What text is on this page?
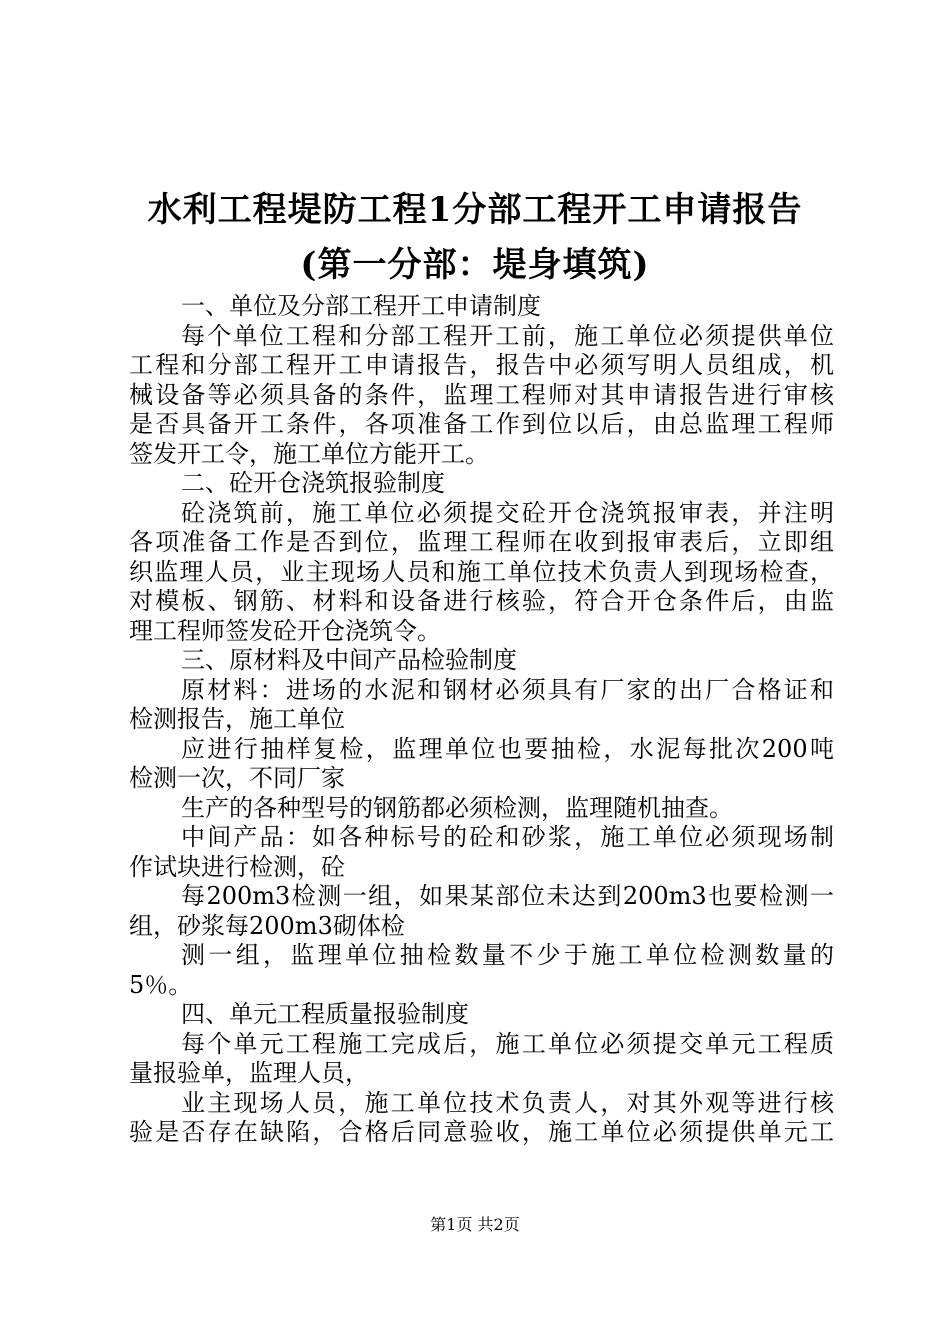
水利工程堤防工程1分部工程开工申请报告
(第一分部：堤身填筑)
一、单位及分部工程开工申请制度
每个单位工程和分部工程开工前，施工单位必须提供单位
工程和分部工程开工申请报告，报告中必须写明人员组成，机
械设备等必须具备的条件，监理工程师对其申请报告进行审核
是否具备开工条件，各项准备工作到位以后，由总监理工程师
签发开工令，施工单位方能开工。
二、砼开仓浇筑报验制度
砼浇筑前，施工单位必须提交砼开仓浇筑报审表，并注明
各项准备工作是否到位，监理工程师在收到报审表后，立即组
织监理人员，业主现场人员和施工单位技术负责人到现场检查，
对模板、钢筋、材料和设备进行核验，符合开仓条件后，由监
理工程师签发砼开仓浇筑令。
三、原材料及中间产品检验制度
原材料：进场的水泥和钢材必须具有厂家的出厂合格证和
检测报告，施工单位
应进行抽样复检，监理单位也要抽检，水泥每批次200吨
检测一次，不同厂家
生产的各种型号的钢筋都必须检测，监理随机抽查。
中间产品：如各种标号的砼和砂浆，施工单位必须现场制
作试块进行检测，砼
每200m3检测一组，如果某部位未达到200m3也要检测一
组，砂浆每200m3砌体检
测一组，监理单位抽检数量不少于施工单位检测数量的
5％。
四、单元工程质量报验制度
每个单元工程施工完成后，施工单位必须提交单元工程质
量报验单，监理人员，
业主现场人员，施工单位技术负责人，对其外观等进行核
验是否存在缺陷，合格后同意验收，施工单位必须提供单元工
第1页 共2页
